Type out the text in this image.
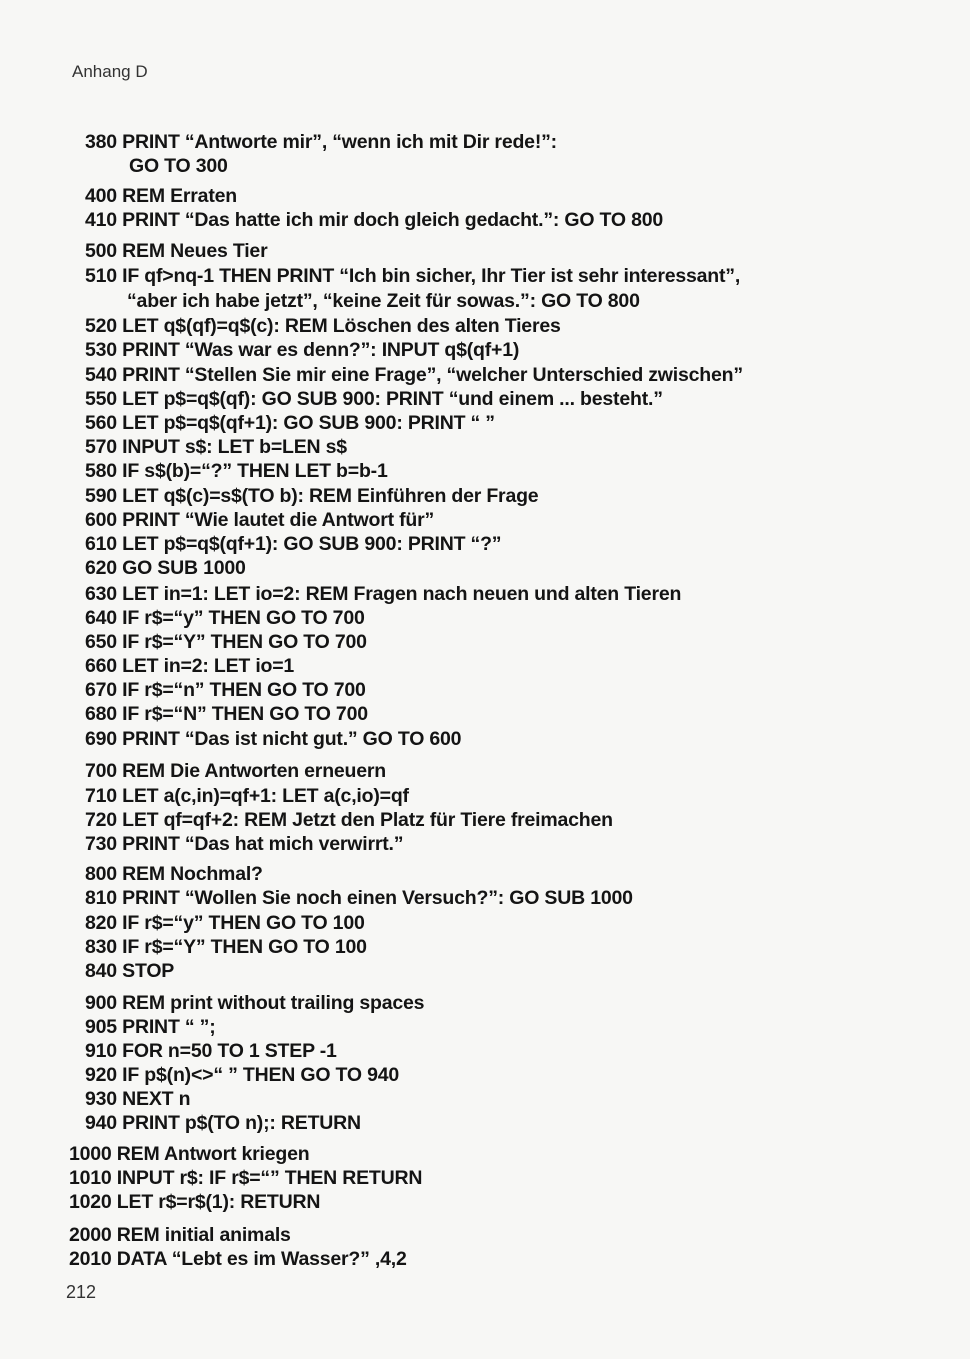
Anhang D
380 PRINT “Antworte mir”, “wenn ich mit Dir rede!”:
GO TO 300
400 REM Erraten
410 PRINT “Das hatte ich mir doch gleich gedacht.”: GO TO 800
500 REM Neues Tier
510 IF qf>nq-1 THEN PRINT “Ich bin sicher, Ihr Tier ist sehr interessant”,
“aber ich habe jetzt”, “keine Zeit für sowas.”: GO TO 800
520 LET q$(qf)=q$(c): REM Löschen des alten Tieres
530 PRINT “Was war es denn?”: INPUT q$(qf+1)
540 PRINT “Stellen Sie mir eine Frage”, “welcher Unterschied zwischen”
550 LET p$=q$(qf): GO SUB 900: PRINT “und einem ... besteht.”
560 LET p$=q$(qf+1): GO SUB 900: PRINT “ ”
570 INPUT s$: LET b=LEN s$
580 IF s$(b)=“?” THEN LET b=b-1
590 LET q$(c)=s$(TO b): REM Einführen der Frage
600 PRINT “Wie lautet die Antwort für”
610 LET p$=q$(qf+1): GO SUB 900: PRINT “?”
620 GO SUB 1000
630 LET in=1: LET io=2: REM Fragen nach neuen und alten Tieren
640 IF r$=“y” THEN GO TO 700
650 IF r$=“Y” THEN GO TO 700
660 LET in=2: LET io=1
670 IF r$=“n” THEN GO TO 700
680 IF r$=“N” THEN GO TO 700
690 PRINT “Das ist nicht gut.” GO TO 600
700 REM Die Antworten erneuern
710 LET a(c,in)=qf+1: LET a(c,io)=qf
720 LET qf=qf+2: REM Jetzt den Platz für Tiere freimachen
730 PRINT “Das hat mich verwirrt.”
800 REM Nochmal?
810 PRINT “Wollen Sie noch einen Versuch?”: GO SUB 1000
820 IF r$=“y” THEN GO TO 100
830 IF r$=“Y” THEN GO TO 100
840 STOP
900 REM print without trailing spaces
905 PRINT “ ”;
910 FOR n=50 TO 1 STEP -1
920 IF p$(n)<>“ ” THEN GO TO 940
930 NEXT n
940 PRINT p$(TO n);: RETURN
1000 REM Antwort kriegen
1010 INPUT r$: IF r$=“” THEN RETURN
1020 LET r$=r$(1): RETURN
2000 REM initial animals
2010 DATA “Lebt es im Wasser?” ,4,2
212
